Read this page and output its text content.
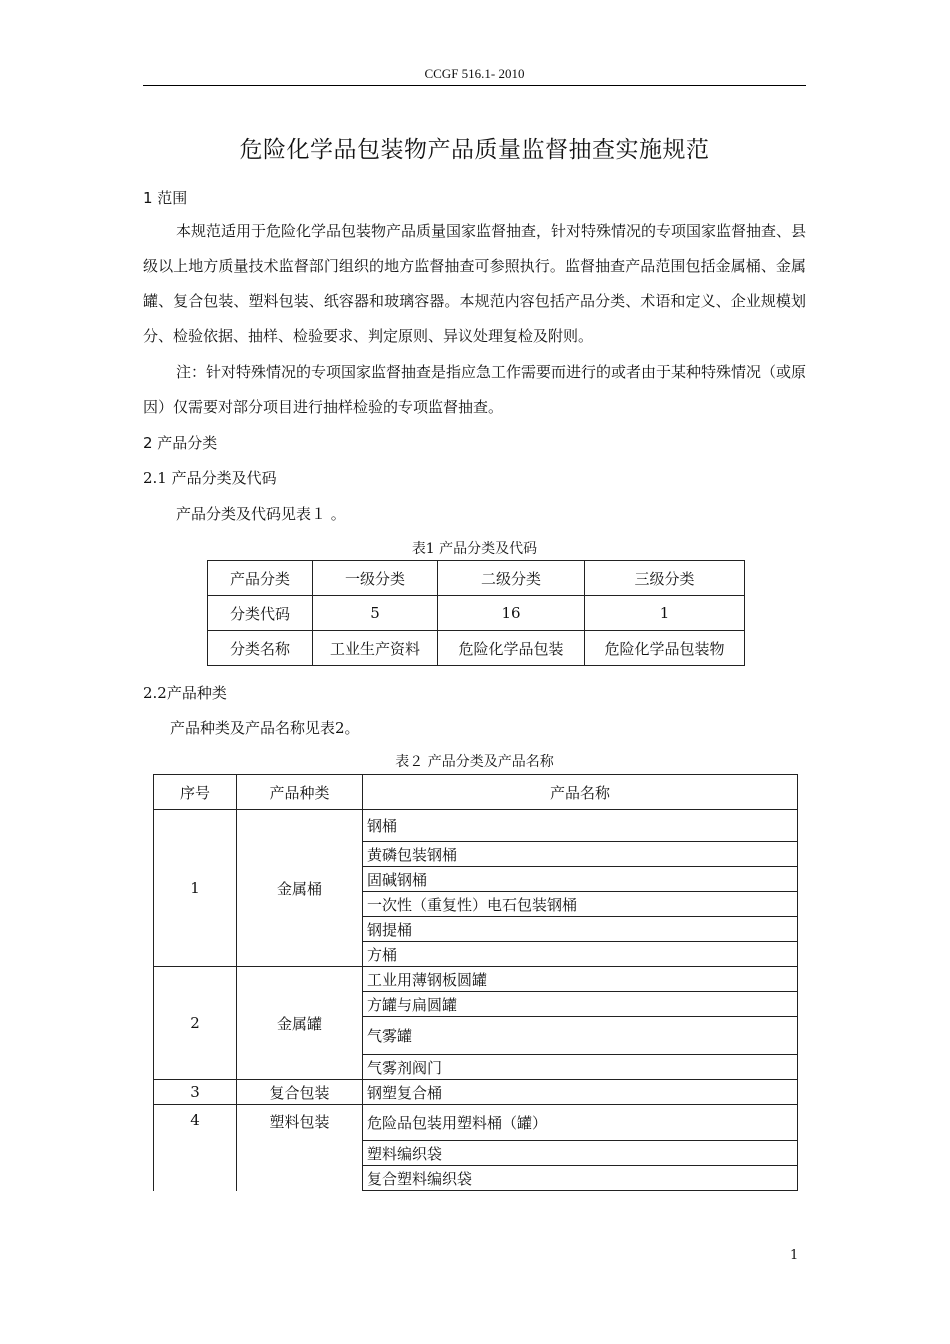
CCGF 516.1- 2010
危险化学品包装物产品质量监督抽查实施规范
1 范围
本规范适用于危险化学品包装物产品质量国家监督抽查，针对特殊情况的专项国家监督抽查、县级以上地方质量技术监督部门组织的地方监督抽查可参照执行。监督抽查产品范围包括金属桶、金属罐、复合包装、塑料包装、纸容器和玻璃容器。本规范内容包括产品分类、术语和定义、企业规模划分、检验依据、抽样、检验要求、判定原则、异议处理复检及附则。
注：针对特殊情况的专项国家监督抽查是指应急工作需要而进行的或者由于某种特殊情况（或原因）仅需要对部分项目进行抽样检验的专项监督抽查。
2 产品分类
2.1 产品分类及代码
产品分类及代码见表１ 。
表1 产品分类及代码
产品分类	一级分类	二级分类	三级分类
分类代码	5	16	1
分类名称	工业生产资料	危险化学品包装	危险化学品包装物
2.2产品种类
产品种类及产品名称见表2。
表２ 产品分类及产品名称
序号	产品种类	产品名称
1	金属桶	钢桶
		黄磷包装钢桶
		固碱钢桶
		一次性（重复性）电石包装钢桶
		钢提桶
		方桶
2	金属罐	工业用薄钢板圆罐
		方罐与扁圆罐
		气雾罐
		气雾剂阀门
3	复合包装	钢塑复合桶
4	塑料包装	危险品包装用塑料桶（罐）
		塑料编织袋
		复合塑料编织袋
1
